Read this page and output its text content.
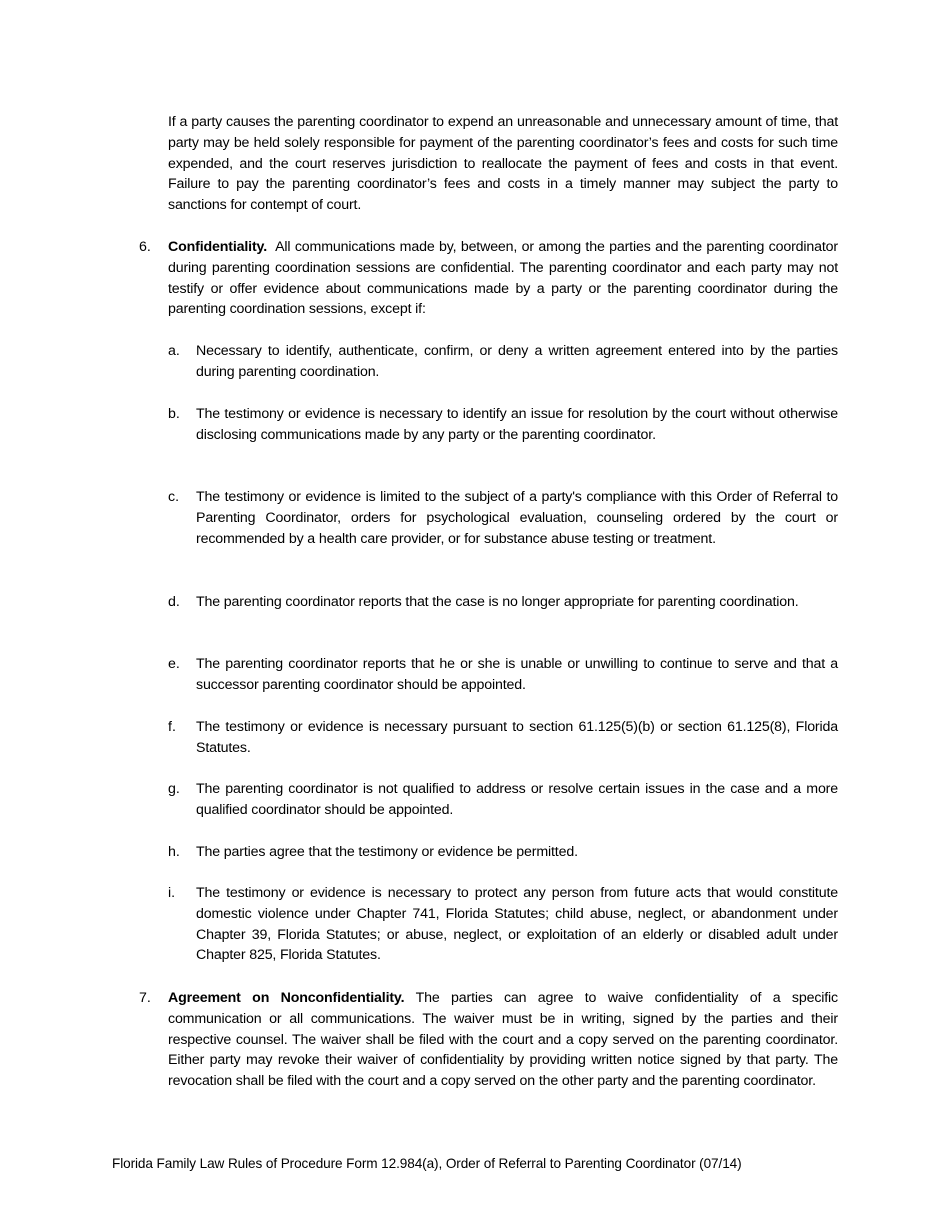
If a party causes the parenting coordinator to expend an unreasonable and unnecessary amount of time, that party may be held solely responsible for payment of the parenting coordinator’s fees and costs for such time expended, and the court reserves jurisdiction to reallocate the payment of fees and costs in that event. Failure to pay the parenting coordinator’s fees and costs in a timely manner may subject the party to sanctions for contempt of court.

6. Confidentiality. All communications made by, between, or among the parties and the parenting coordinator during parenting coordination sessions are confidential. The parenting coordinator and each party may not testify or offer evidence about communications made by a party or the parenting coordinator during the parenting coordination sessions, except if:

a. Necessary to identify, authenticate, confirm, or deny a written agreement entered into by the parties during parenting coordination.

b. The testimony or evidence is necessary to identify an issue for resolution by the court without otherwise disclosing communications made by any party or the parenting coordinator.

c. The testimony or evidence is limited to the subject of a party's compliance with this Order of Referral to Parenting Coordinator, orders for psychological evaluation, counseling ordered by the court or recommended by a health care provider, or for substance abuse testing or treatment.

d. The parenting coordinator reports that the case is no longer appropriate for parenting coordination.

e. The parenting coordinator reports that he or she is unable or unwilling to continue to serve and that a successor parenting coordinator should be appointed.

f. The testimony or evidence is necessary pursuant to section 61.125(5)(b) or section 61.125(8), Florida Statutes.

g. The parenting coordinator is not qualified to address or resolve certain issues in the case and a more qualified coordinator should be appointed.

h. The parties agree that the testimony or evidence be permitted.

i. The testimony or evidence is necessary to protect any person from future acts that would constitute domestic violence under Chapter 741, Florida Statutes; child abuse, neglect, or abandonment under Chapter 39, Florida Statutes; or abuse, neglect, or exploitation of an elderly or disabled adult under Chapter 825, Florida Statutes.

7. Agreement on Nonconfidentiality. The parties can agree to waive confidentiality of a specific communication or all communications. The waiver must be in writing, signed by the parties and their respective counsel. The waiver shall be filed with the court and a copy served on the parenting coordinator. Either party may revoke their waiver of confidentiality by providing written notice signed by that party. The revocation shall be filed with the court and a copy served on the other party and the parenting coordinator.

Florida Family Law Rules of Procedure Form 12.984(a), Order of Referral to Parenting Coordinator (07/14)
